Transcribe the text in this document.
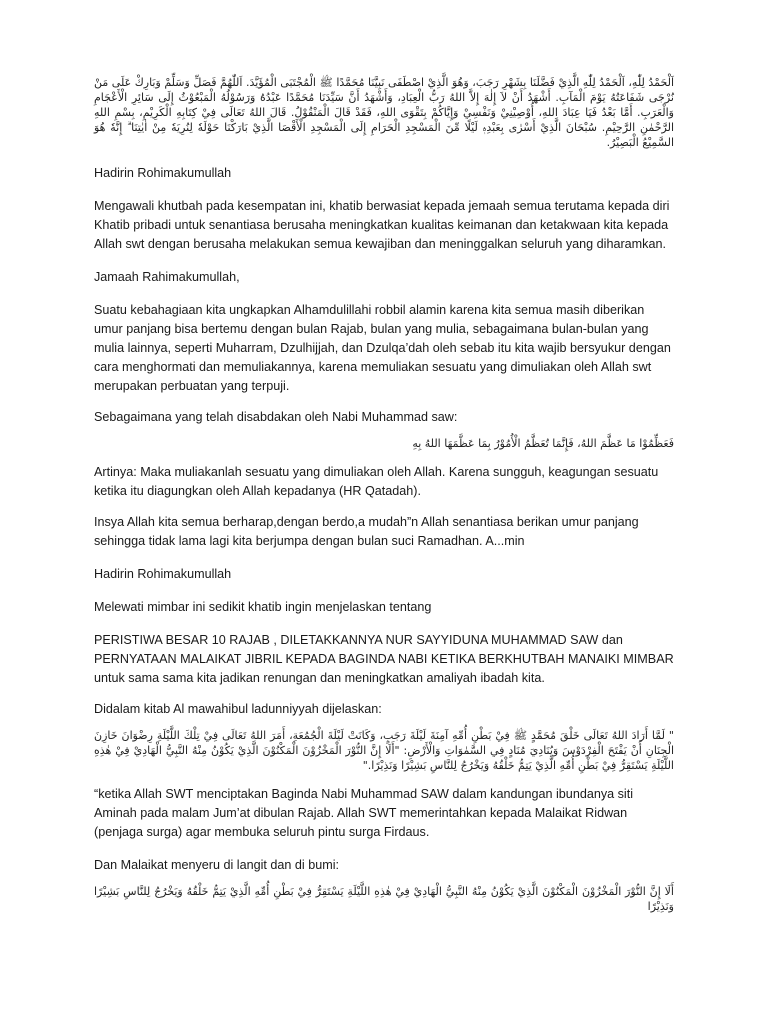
اَلْحَمْدُ لِلّٰهِ، اَلْحَمْدُ لِلّٰهِ الَّذِيْ فَضَّلَنَا بِشَهْرِ رَجَبَ، وَهُوَ الَّذِيْ اصْطَفَى نَبِيَّنَا مُحَمَّدًا ﷺ الْمُجْتَبَى الْمُؤَيَّدَ. اَللّٰهُمَّ فَصَلِّ وَسَلِّمْ وَبَارِكْ عَلَى مَنْ نُرْجَى شَفَاعَتُهُ يَوْمَ الْمَآبِ. أَشْهَدُ أَنْ لاَ إِلٰهَ إِلاَّ اللهُ رَبُّ الْعِبَادِ، وَأَشْهَدُ أَنَّ سَيِّدَنَا مُحَمَّدًا عَبْدُهُ وَرَسُوْلُهُ الْمَبْعُوْثُ إِلَى سَائِرِ الْأَعْجَامِ وَالْعَرَبِ. أَمَّا بَعْدُ فَيَا عِبَادَ اللهِ، أُوْصِيْنِيْ وَنَفْسِيْ وَإِيَّاكُمْ بِتَقْوَى اللهِ، فَقَدْ قَالَ الْمَنْقُوْلُ. قَالَ اللهُ تَعَالَى فِيْ كِتَابِهِ الْكَرِيْمِ، بِسْمِ اللهِ الرَّحْمٰنِ الرَّحِيْمِ. سُبْحَانَ الَّذِيْ أَسْرٰى بِعَبْدِهٖ لَيْلًا مِّنَ الْمَسْجِدِ الْحَرَامِ إِلَى الْمَسْجِدِ الْأَقْصَا الَّذِيْ بَارَكْنَا حَوْلَهٗ لِنُرِيَهٗ مِنْ اٰيٰتِنَا ۗ إِنَّهٗ هُوَ السَّمِيْعُ الْبَصِيْرُ.

Hadirin Rohimakumullah

Mengawali khutbah pada kesempatan ini, khatib berwasiat kepada jemaah semua terutama kepada diri Khatib pribadi untuk senantiasa berusaha meningkatkan kualitas keimanan dan ketakwaan kita kepada Allah swt dengan berusaha melakukan semua kewajiban dan meninggalkan seluruh yang diharamkan.

Jamaah Rahimakumullah,

Suatu kebahagiaan kita ungkapkan Alhamdulillahi robbil alamin karena kita semua masih diberikan umur panjang bisa bertemu dengan bulan Rajab, bulan yang mulia, sebagaimana bulan-bulan yang mulia lainnya, seperti Muharram, Dzulhijjah, dan Dzulqa’dah oleh sebab itu kita wajib bersyukur dengan cara menghormati dan memuliakannya, karena memuliakan sesuatu yang dimuliakan oleh Allah swt merupakan perbuatan yang terpuji.

Sebagaimana yang telah disabdakan oleh Nabi Muhammad saw:

فَعَظِّمُوْا مَا عَظَّمَ اللهُ، فَإِنَّمَا تُعَظَّمُ الْأُمُوْرُ بِمَا عَظَّمَهَا اللهُ بِهِ

Artinya: Maka muliakanlah sesuatu yang dimuliakan oleh Allah. Karena sungguh, keagungan sesuatu ketika itu diagungkan oleh Allah kepadanya (HR Qatadah).

Insya Allah kita semua berharap,dengan berdo,a mudah”n Allah senantiasa berikan umur panjang sehingga tidak lama lagi kita berjumpa dengan bulan suci Ramadhan. A...min

Hadirin Rohimakumullah

Melewati mimbar ini sedikit khatib ingin menjelaskan tentang

PERISTIWA BESAR 10 RAJAB , DILETAKKANNYA NUR SAYYIDUNA MUHAMMAD SAW dan PERNYATAAN MALAIKAT JIBRIL KEPADA BAGINDA NABI KETIKA BERKHUTBAH MANAIKI MIMBAR untuk sama sama kita jadikan renungan dan meningkatkan amaliyah ibadah kita.

Didalam kitab Al mawahibul ladunniyyah dijelaskan:

" لَمَّا أَرَادَ اللهُ تَعَالَى خَلْقَ مُحَمَّدٍ ﷺ فِيْ بَطْنِ أُمِّهِ آمِنَةَ لَيْلَةَ رَجَبٍ، وَكَانَتْ لَيْلَةَ الْجُمُعَةِ، أَمَرَ اللهُ تَعَالَى فِيْ تِلْكَ اللَّيْلَةِ رِضْوَانَ خَازِنَ الْجِنَانِ أَنْ يَفْتَحَ الْفِرْدَوْسَ وَيُنَادِيَ مُنَادٍ فِي السَّمٰوَاتِ وَالْأَرْضِ: "أَلَا إِنَّ النُّوْرَ الْمَخْزُوْنَ الْمَكْنُوْنَ الَّذِيْ يَكُوْنُ مِنْهُ النَّبِيُّ الْهَادِيْ فِيْ هٰذِهِ اللَّيْلَةِ يَسْتَقِرُّ فِيْ بَطْنِ أُمِّهِ الَّذِيْ يَتِمُّ خَلْقُهُ وَيَخْرُجُ لِلنَّاسِ بَشِيْرًا وَنَذِيْرًا."

“ketika Allah SWT menciptakan Baginda Nabi Muhammad SAW dalam kandungan ibundanya siti Aminah pada malam Jum’at dibulan Rajab. Allah SWT memerintahkan kepada Malaikat Ridwan (penjaga surga) agar membuka seluruh pintu surga Firdaus.

Dan Malaikat menyeru di langit dan di bumi:

أَلَا إِنَّ النُّوْرَ الْمَخْزُوْنَ الْمَكْنُوْنَ الَّذِيْ يَكُوْنُ مِنْهُ النَّبِيُّ الْهَادِيْ فِيْ هٰذِهِ اللَّيْلَةِ يَسْتَقِرُّ فِيْ بَطْنِ أُمِّهِ الَّذِيْ يَتِمُّ خَلْقُهُ وَيَخْرُجُ لِلنَّاسِ بَشِيْرًا وَنَذِيْرًا
